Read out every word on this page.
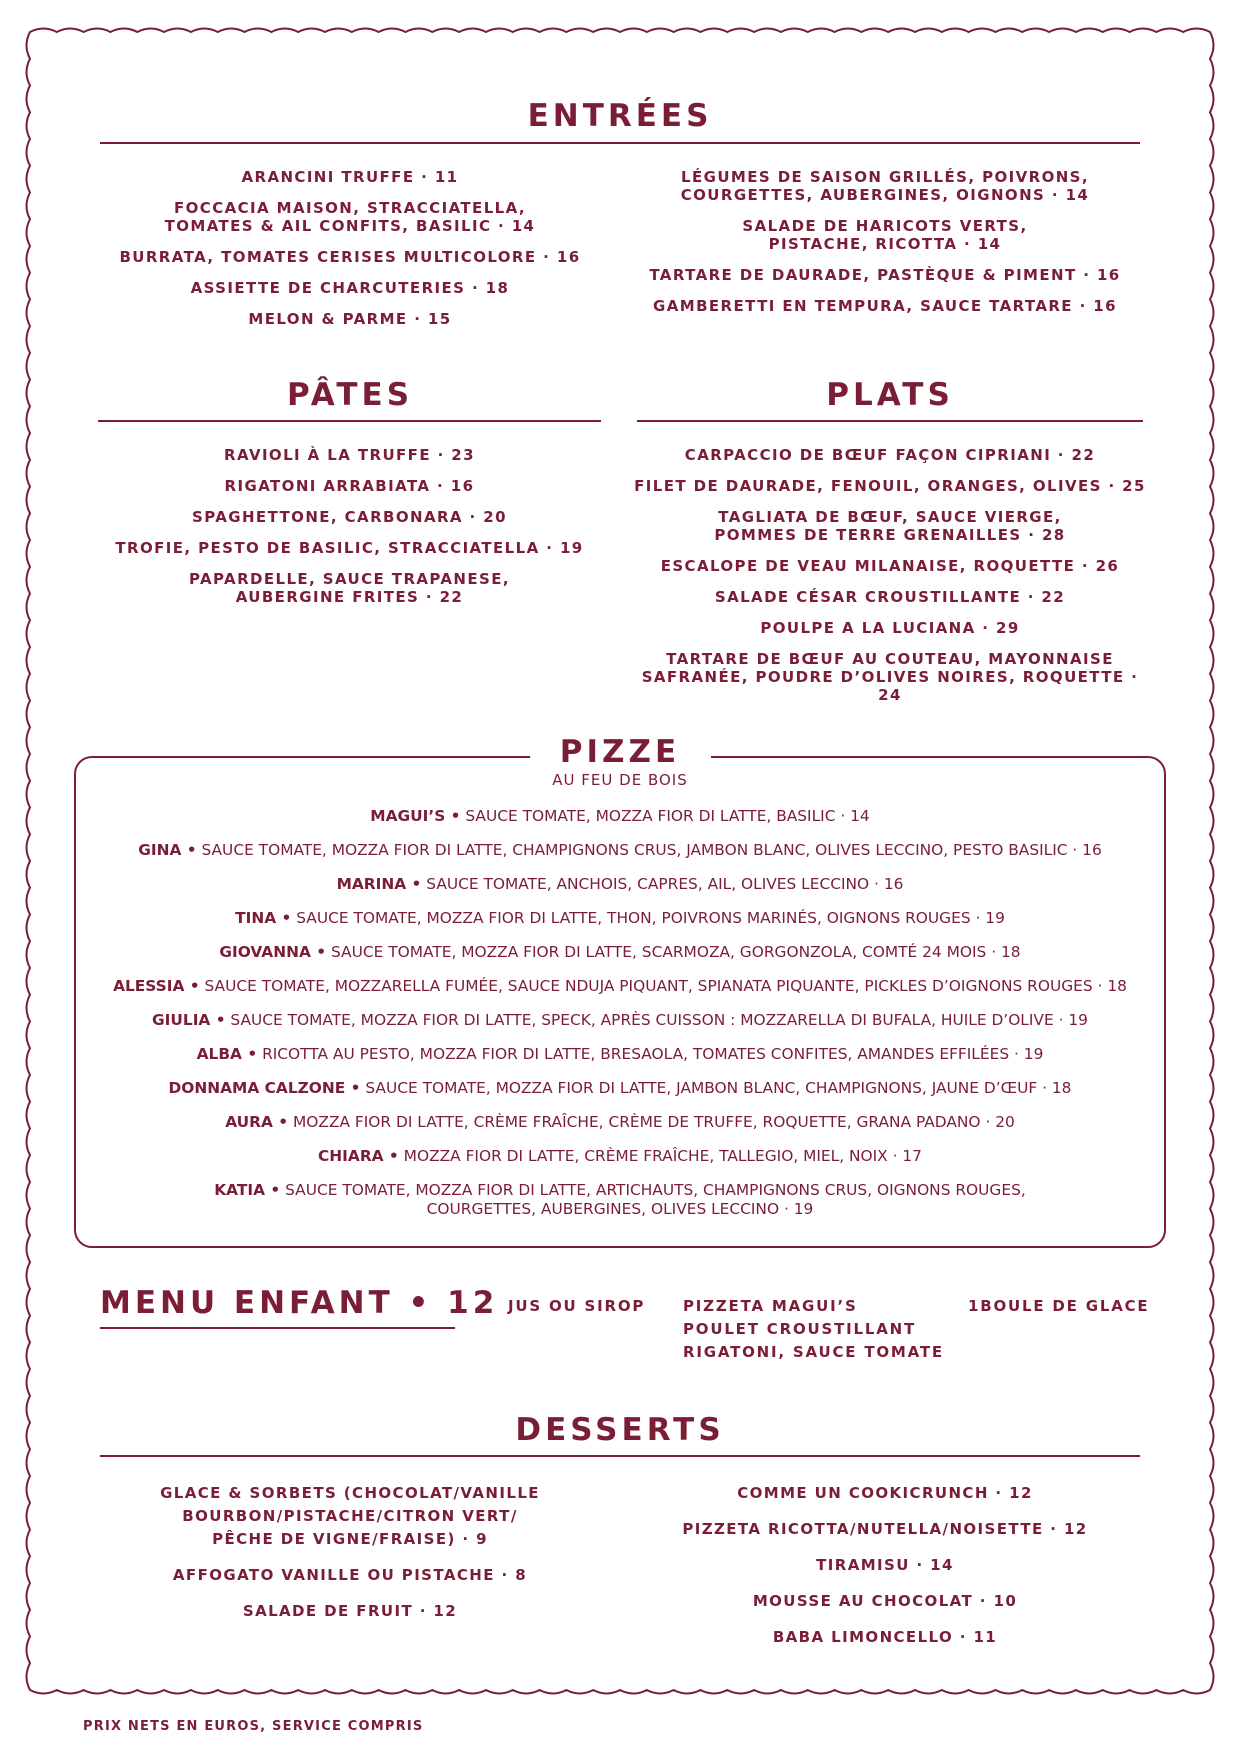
ENTRÉES
ARANCINI TRUFFE · 11
FOCCACIA MAISON, STRACCIATELLA,
TOMATES & AIL CONFITS, BASILIC · 14
BURRATA, TOMATES CERISES MULTICOLORE · 16
ASSIETTE DE CHARCUTERIES · 18
MELON & PARME · 15
LÉGUMES DE SAISON GRILLÉS, POIVRONS,
COURGETTES, AUBERGINES, OIGNONS · 14
SALADE DE HARICOTS VERTS,
PISTACHE, RICOTTA · 14
TARTARE DE DAURADE, PASTÈQUE & PIMENT · 16
GAMBERETTI EN TEMPURA, SAUCE TARTARE · 16
PÂTES
RAVIOLI À LA TRUFFE · 23
RIGATONI ARRABIATA · 16
SPAGHETTONE, CARBONARA · 20
TROFIE, PESTO DE BASILIC, STRACCIATELLA · 19
PAPARDELLE, SAUCE TRAPANESE,
AUBERGINE FRITES · 22
PLATS
CARPACCIO DE BŒUF FAÇON CIPRIANI · 22
FILET DE DAURADE, FENOUIL, ORANGES, OLIVES · 25
TAGLIATA DE BŒUF, SAUCE VIERGE,
POMMES DE TERRE GRENAILLES · 28
ESCALOPE DE VEAU MILANAISE, ROQUETTE · 26
SALADE CÉSAR CROUSTILLANTE · 22
POULPE A LA LUCIANA · 29
TARTARE DE BŒUF AU COUTEAU, MAYONNAISE
SAFRANÉE, POUDRE D’OLIVES NOIRES, ROQUETTE · 24
PIZZE
AU FEU DE BOIS
MAGUI’S • SAUCE TOMATE, MOZZA FIOR DI LATTE, BASILIC · 14
GINA • SAUCE TOMATE, MOZZA FIOR DI LATTE, CHAMPIGNONS CRUS, JAMBON BLANC, OLIVES LECCINO, PESTO BASILIC · 16
MARINA • SAUCE TOMATE, ANCHOIS, CAPRES, AIL, OLIVES LECCINO · 16
TINA • SAUCE TOMATE, MOZZA FIOR DI LATTE, THON, POIVRONS MARINÉS, OIGNONS ROUGES · 19
GIOVANNA • SAUCE TOMATE, MOZZA FIOR DI LATTE, SCARMOZA, GORGONZOLA, COMTÉ 24 MOIS · 18
ALESSIA • SAUCE TOMATE, MOZZARELLA FUMÉE, SAUCE NDUJA PIQUANT, SPIANATA PIQUANTE, PICKLES D’OIGNONS ROUGES · 18
GIULIA • SAUCE TOMATE, MOZZA FIOR DI LATTE, SPECK, APRÈS CUISSON : MOZZARELLA DI BUFALA, HUILE D’OLIVE · 19
ALBA • RICOTTA AU PESTO, MOZZA FIOR DI LATTE, BRESAOLA, TOMATES CONFITES, AMANDES EFFILÉES · 19
DONNAMA CALZONE • SAUCE TOMATE, MOZZA FIOR DI LATTE, JAMBON BLANC, CHAMPIGNONS, JAUNE D’ŒUF · 18
AURA • MOZZA FIOR DI LATTE, CRÈME FRAÎCHE, CRÈME DE TRUFFE, ROQUETTE, GRANA PADANO · 20
CHIARA • MOZZA FIOR DI LATTE, CRÈME FRAÎCHE, TALLEGIO, MIEL, NOIX · 17
KATIA • SAUCE TOMATE, MOZZA FIOR DI LATTE, ARTICHAUTS, CHAMPIGNONS CRUS, OIGNONS ROUGES,
COURGETTES, AUBERGINES, OLIVES LECCINO · 19
MENU ENFANT • 12 JUS OU SIROP	PIZZETA MAGUI’S
POULET CROUSTILLANT
RIGATONI, SAUCE TOMATE
1BOULE DE GLACE
DESSERTS
GLACE & SORBETS (CHOCOLAT/VANILLE
BOURBON/PISTACHE/CITRON VERT/
PÊCHE DE VIGNE/FRAISE) · 9
AFFOGATO VANILLE OU PISTACHE · 8
SALADE DE FRUIT · 12
COMME UN COOKICRUNCH · 12
PIZZETA RICOTTA/NUTELLA/NOISETTE · 12
TIRAMISU · 14
MOUSSE AU CHOCOLAT · 10
BABA LIMONCELLO · 11
PRIX NETS EN EUROS, SERVICE COMPRIS
